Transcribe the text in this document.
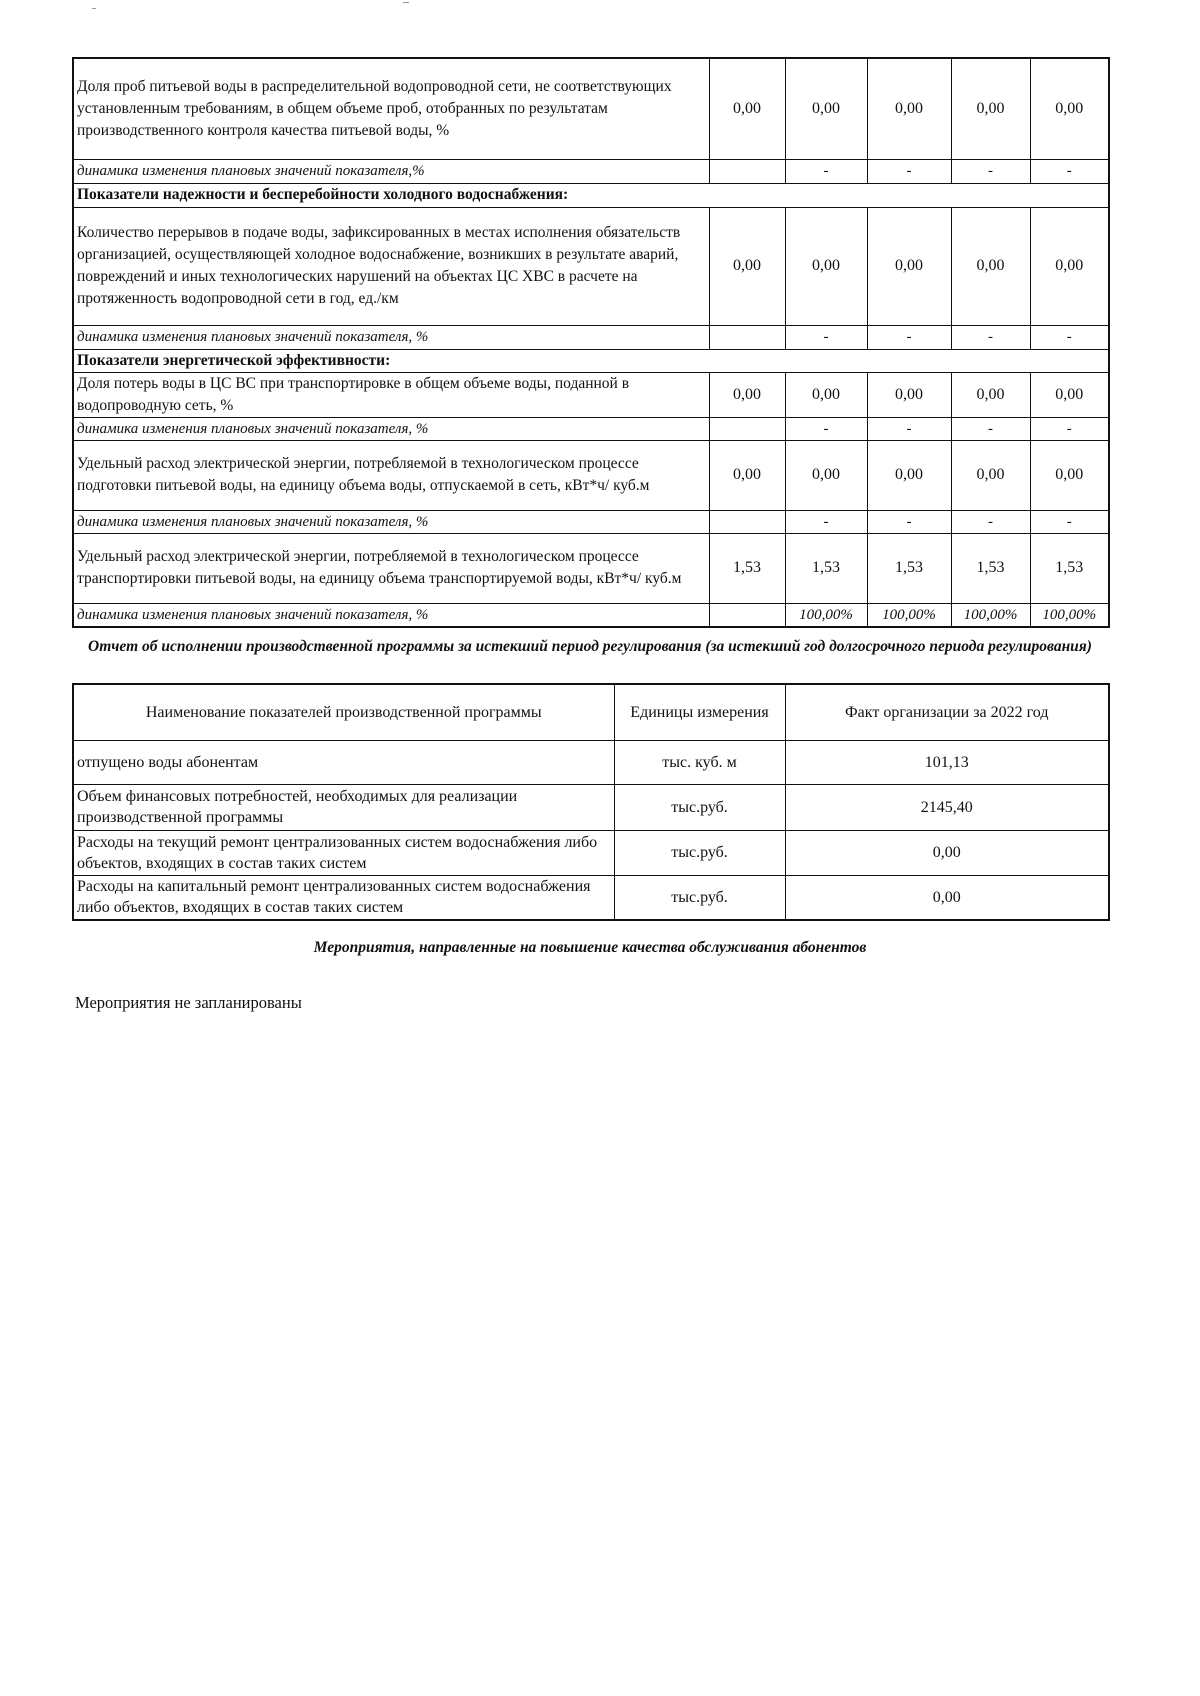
Доля проб питьевой воды в распределительной водопроводной сети, не соответствующих установленным требованиям, в общем объеме проб, отобранных по результатам производственного контроля качества питьевой воды, %	0,00	0,00	0,00	0,00	0,00
динамика изменения плановых значений показателя,%		-	-	-	-
Показатели надежности и бесперебойности холодного водоснабжения:					
Количество перерывов в подаче воды, зафиксированных в местах исполнения обязательств организацией, осуществляющей холодное водоснабжение, возникших в результате аварий, повреждений и иных технологических нарушений на объектах ЦС ХВС в расчете на протяженность водопроводной сети в год, ед./км	0,00	0,00	0,00	0,00	0,00
динамика изменения плановых значений показателя, %		-	-	-	-
Показатели энергетической эффективности:					
Доля потерь воды в ЦС ВС при транспортировке в общем объеме воды, поданной в водопроводную сеть, %	0,00	0,00	0,00	0,00	0,00
динамика изменения плановых значений показателя, %		-	-	-	-
Удельный расход электрической энергии, потребляемой в технологическом процессе подготовки питьевой воды, на единицу объема воды, отпускаемой в сеть, кВт*ч/ куб.м	0,00	0,00	0,00	0,00	0,00
динамика изменения плановых значений показателя, %		-	-	-	-
Удельный расход электрической энергии, потребляемой в технологическом процессе транспортировки питьевой воды, на единицу объема транспортируемой воды, кВт*ч/ куб.м	1,53	1,53	1,53	1,53	1,53
динамика изменения плановых значений показателя, %		100,00%	100,00%	100,00%	100,00%
Отчет об исполнении производственной программы за истекший период регулирования (за истекший год долгосрочного периода регулирования)
Наименование показателей производственной программы	Единицы измерения	Факт организации за 2022 год
отпущено воды абонентам	тыс. куб. м	101,13
Объем финансовых потребностей, необходимых для реализации производственной программы	тыс.руб.	2145,40
Расходы на текущий ремонт централизованных систем водоснабжения либо объектов, входящих в состав таких систем	тыс.руб.	0,00
Расходы на капитальный ремонт централизованных систем водоснабжения либо объектов, входящих в состав таких систем	тыс.руб.	0,00
Мероприятия, направленные на повышение качества обслуживания абонентов
Мероприятия не запланированы
